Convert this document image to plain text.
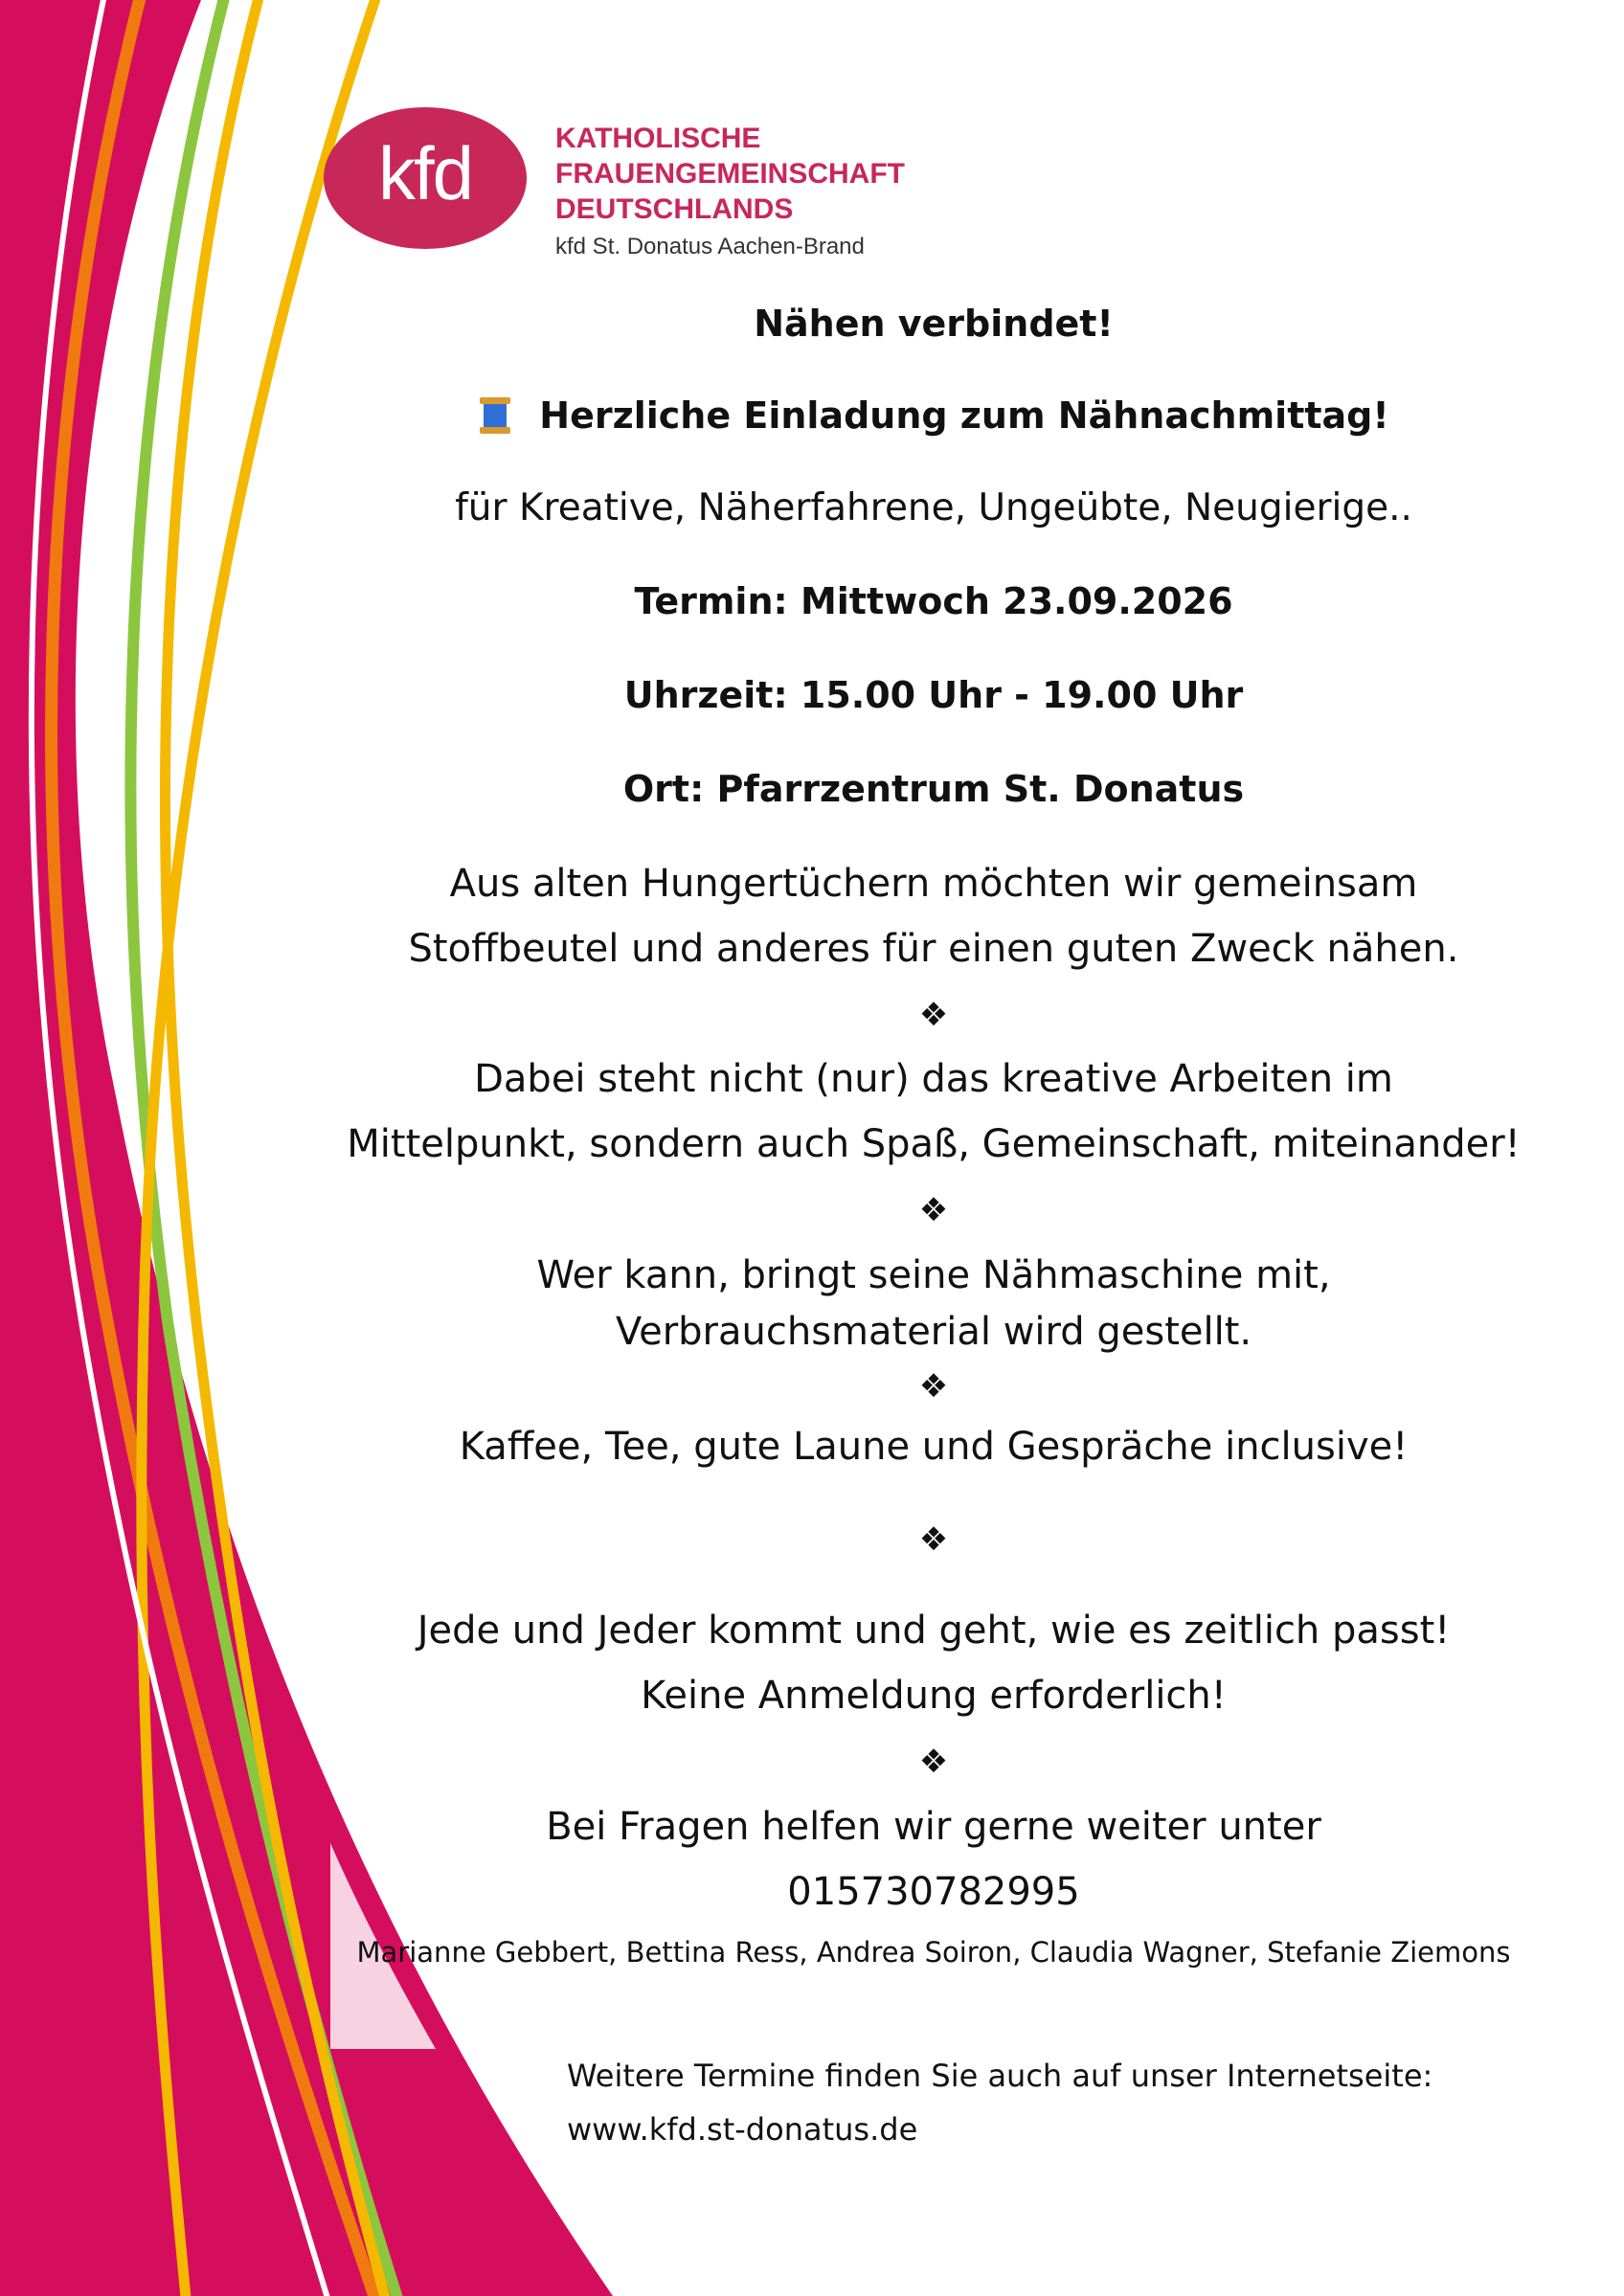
kfd	KATHOLISCHE
FRAUENGEMEINSCHAFT
DEUTSCHLANDS
kfd St. Donatus Aachen-Brand
Nähen verbindet!
Herzliche Einladung zum Nähnachmittag!
für Kreative, Näherfahrene, Ungeübte, Neugierige..
Termin: Mittwoch 23.09.2026
Uhrzeit: 15.00 Uhr - 19.00 Uhr
Ort: Pfarrzentrum St. Donatus
Aus alten Hungertüchern möchten wir gemeinsam
Stoffbeutel und anderes für einen guten Zweck nähen.
❖
Dabei steht nicht (nur) das kreative Arbeiten im
Mittelpunkt, sondern auch Spaß, Gemeinschaft, miteinander!
❖
Wer kann, bringt seine Nähmaschine mit,
Verbrauchsmaterial wird gestellt.
❖
Kaffee, Tee, gute Laune und Gespräche inclusive!
❖
Jede und Jeder kommt und geht, wie es zeitlich passt!
Keine Anmeldung erforderlich!
❖
Bei Fragen helfen wir gerne weiter unter
015730782995
Marianne Gebbert, Bettina Ress, Andrea Soiron, Claudia Wagner, Stefanie Ziemons
Weitere Termine finden Sie auch auf unser Internetseite:
www.kfd.st-donatus.de
